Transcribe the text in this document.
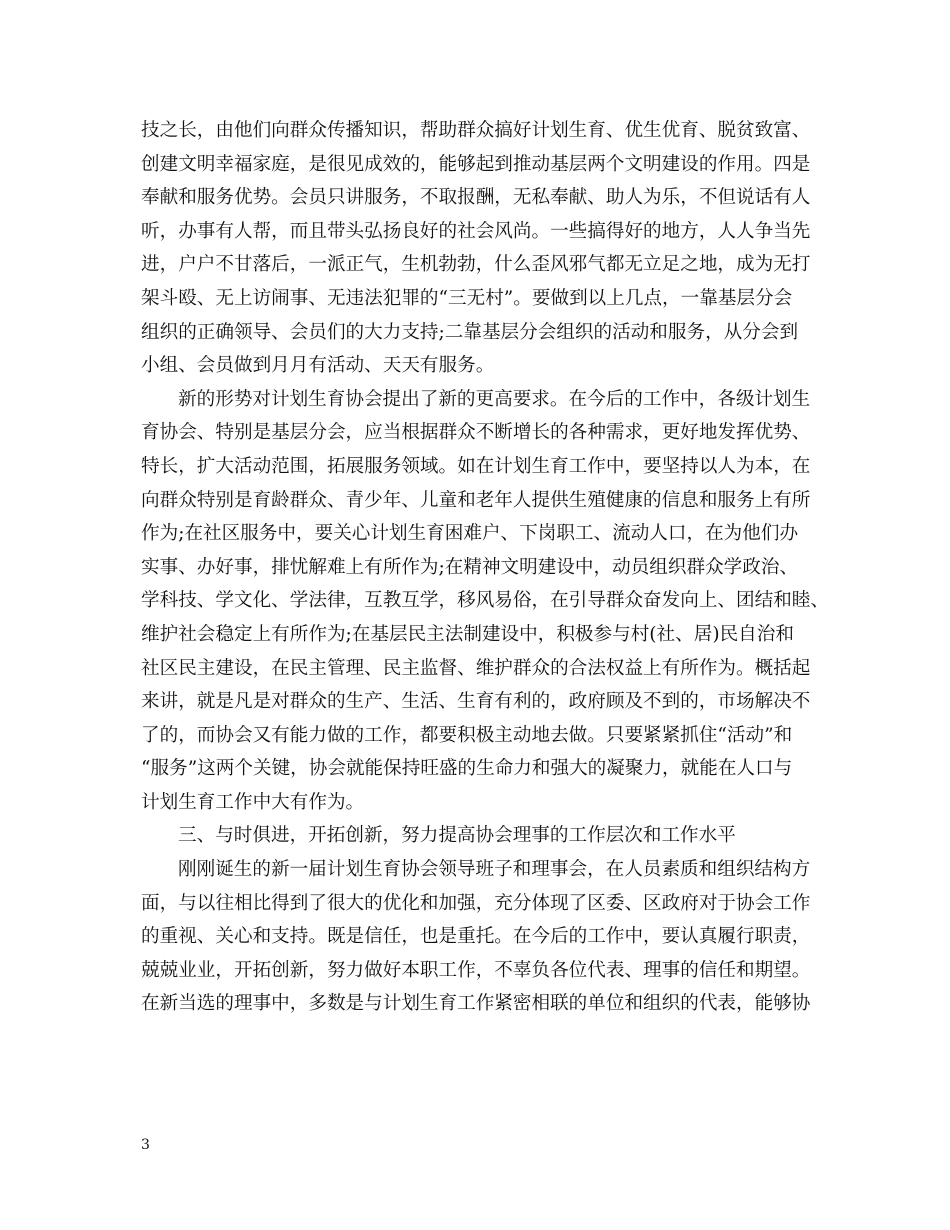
技之长，由他们向群众传播知识，帮助群众搞好计划生育、优生优育、脱贫致富、
创建文明幸福家庭，是很见成效的，能够起到推动基层两个文明建设的作用。四是
奉献和服务优势。会员只讲服务，不取报酬，无私奉献、助人为乐，不但说话有人
听，办事有人帮，而且带头弘扬良好的社会风尚。一些搞得好的地方，人人争当先
进，户户不甘落后，一派正气，生机勃勃，什么歪风邪气都无立足之地，成为无打
架斗殴、无上访闹事、无违法犯罪的“三无村”。要做到以上几点，一靠基层分会
组织的正确领导、会员们的大力支持;二靠基层分会组织的活动和服务，从分会到
小组、会员做到月月有活动、天天有服务。
新的形势对计划生育协会提出了新的更高要求。在今后的工作中，各级计划生
育协会、特别是基层分会，应当根据群众不断增长的各种需求，更好地发挥优势、
特长，扩大活动范围，拓展服务领域。如在计划生育工作中，要坚持以人为本，在
向群众特别是育龄群众、青少年、儿童和老年人提供生殖健康的信息和服务上有所
作为;在社区服务中，要关心计划生育困难户、下岗职工、流动人口，在为他们办
实事、办好事，排忧解难上有所作为;在精神文明建设中，动员组织群众学政治、
学科技、学文化、学法律，互教互学，移风易俗，在引导群众奋发向上、团结和睦、
维护社会稳定上有所作为;在基层民主法制建设中，积极参与村(社、居)民自治和
社区民主建设，在民主管理、民主监督、维护群众的合法权益上有所作为。概括起
来讲，就是凡是对群众的生产、生活、生育有利的，政府顾及不到的，市场解决不
了的，而协会又有能力做的工作，都要积极主动地去做。只要紧紧抓住“活动”和
“服务”这两个关键，协会就能保持旺盛的生命力和强大的凝聚力，就能在人口与
计划生育工作中大有作为。
三、与时俱进，开拓创新，努力提高协会理事的工作层次和工作水平
刚刚诞生的新一届计划生育协会领导班子和理事会，在人员素质和组织结构方
面，与以往相比得到了很大的优化和加强，充分体现了区委、区政府对于协会工作
的重视、关心和支持。既是信任，也是重托。在今后的工作中，要认真履行职责，
兢兢业业，开拓创新，努力做好本职工作，不辜负各位代表、理事的信任和期望。
在新当选的理事中，多数是与计划生育工作紧密相联的单位和组织的代表，能够协
3
